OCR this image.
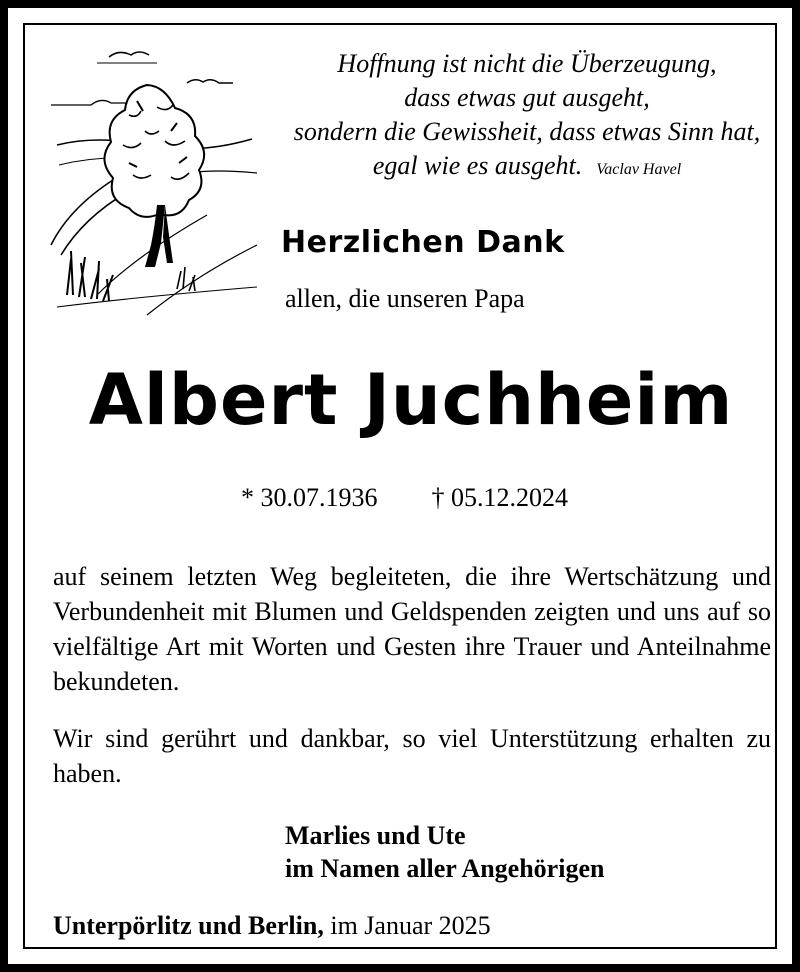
Hoffnung ist nicht die Überzeugung,
dass etwas gut ausgeht,
sondern die Gewissheit, dass etwas Sinn hat,
egal wie es ausgeht. Vaclav Havel
Herzlichen Dank
allen, die unseren Papa
Albert Juchheim
* 30.07.1936 † 05.12.2024
auf seinem letzten Weg begleiteten, die ihre Wertschätzung und Verbundenheit mit Blumen und Geldspenden zeigten und uns auf so vielfältige Art mit Worten und Gesten ihre Trauer und Anteilnahme bekundeten.
Wir sind gerührt und dankbar, so viel Unterstützung erhalten zu haben.
Marlies und Ute
im Namen aller Angehörigen
Unterpörlitz und Berlin, im Januar 2025
